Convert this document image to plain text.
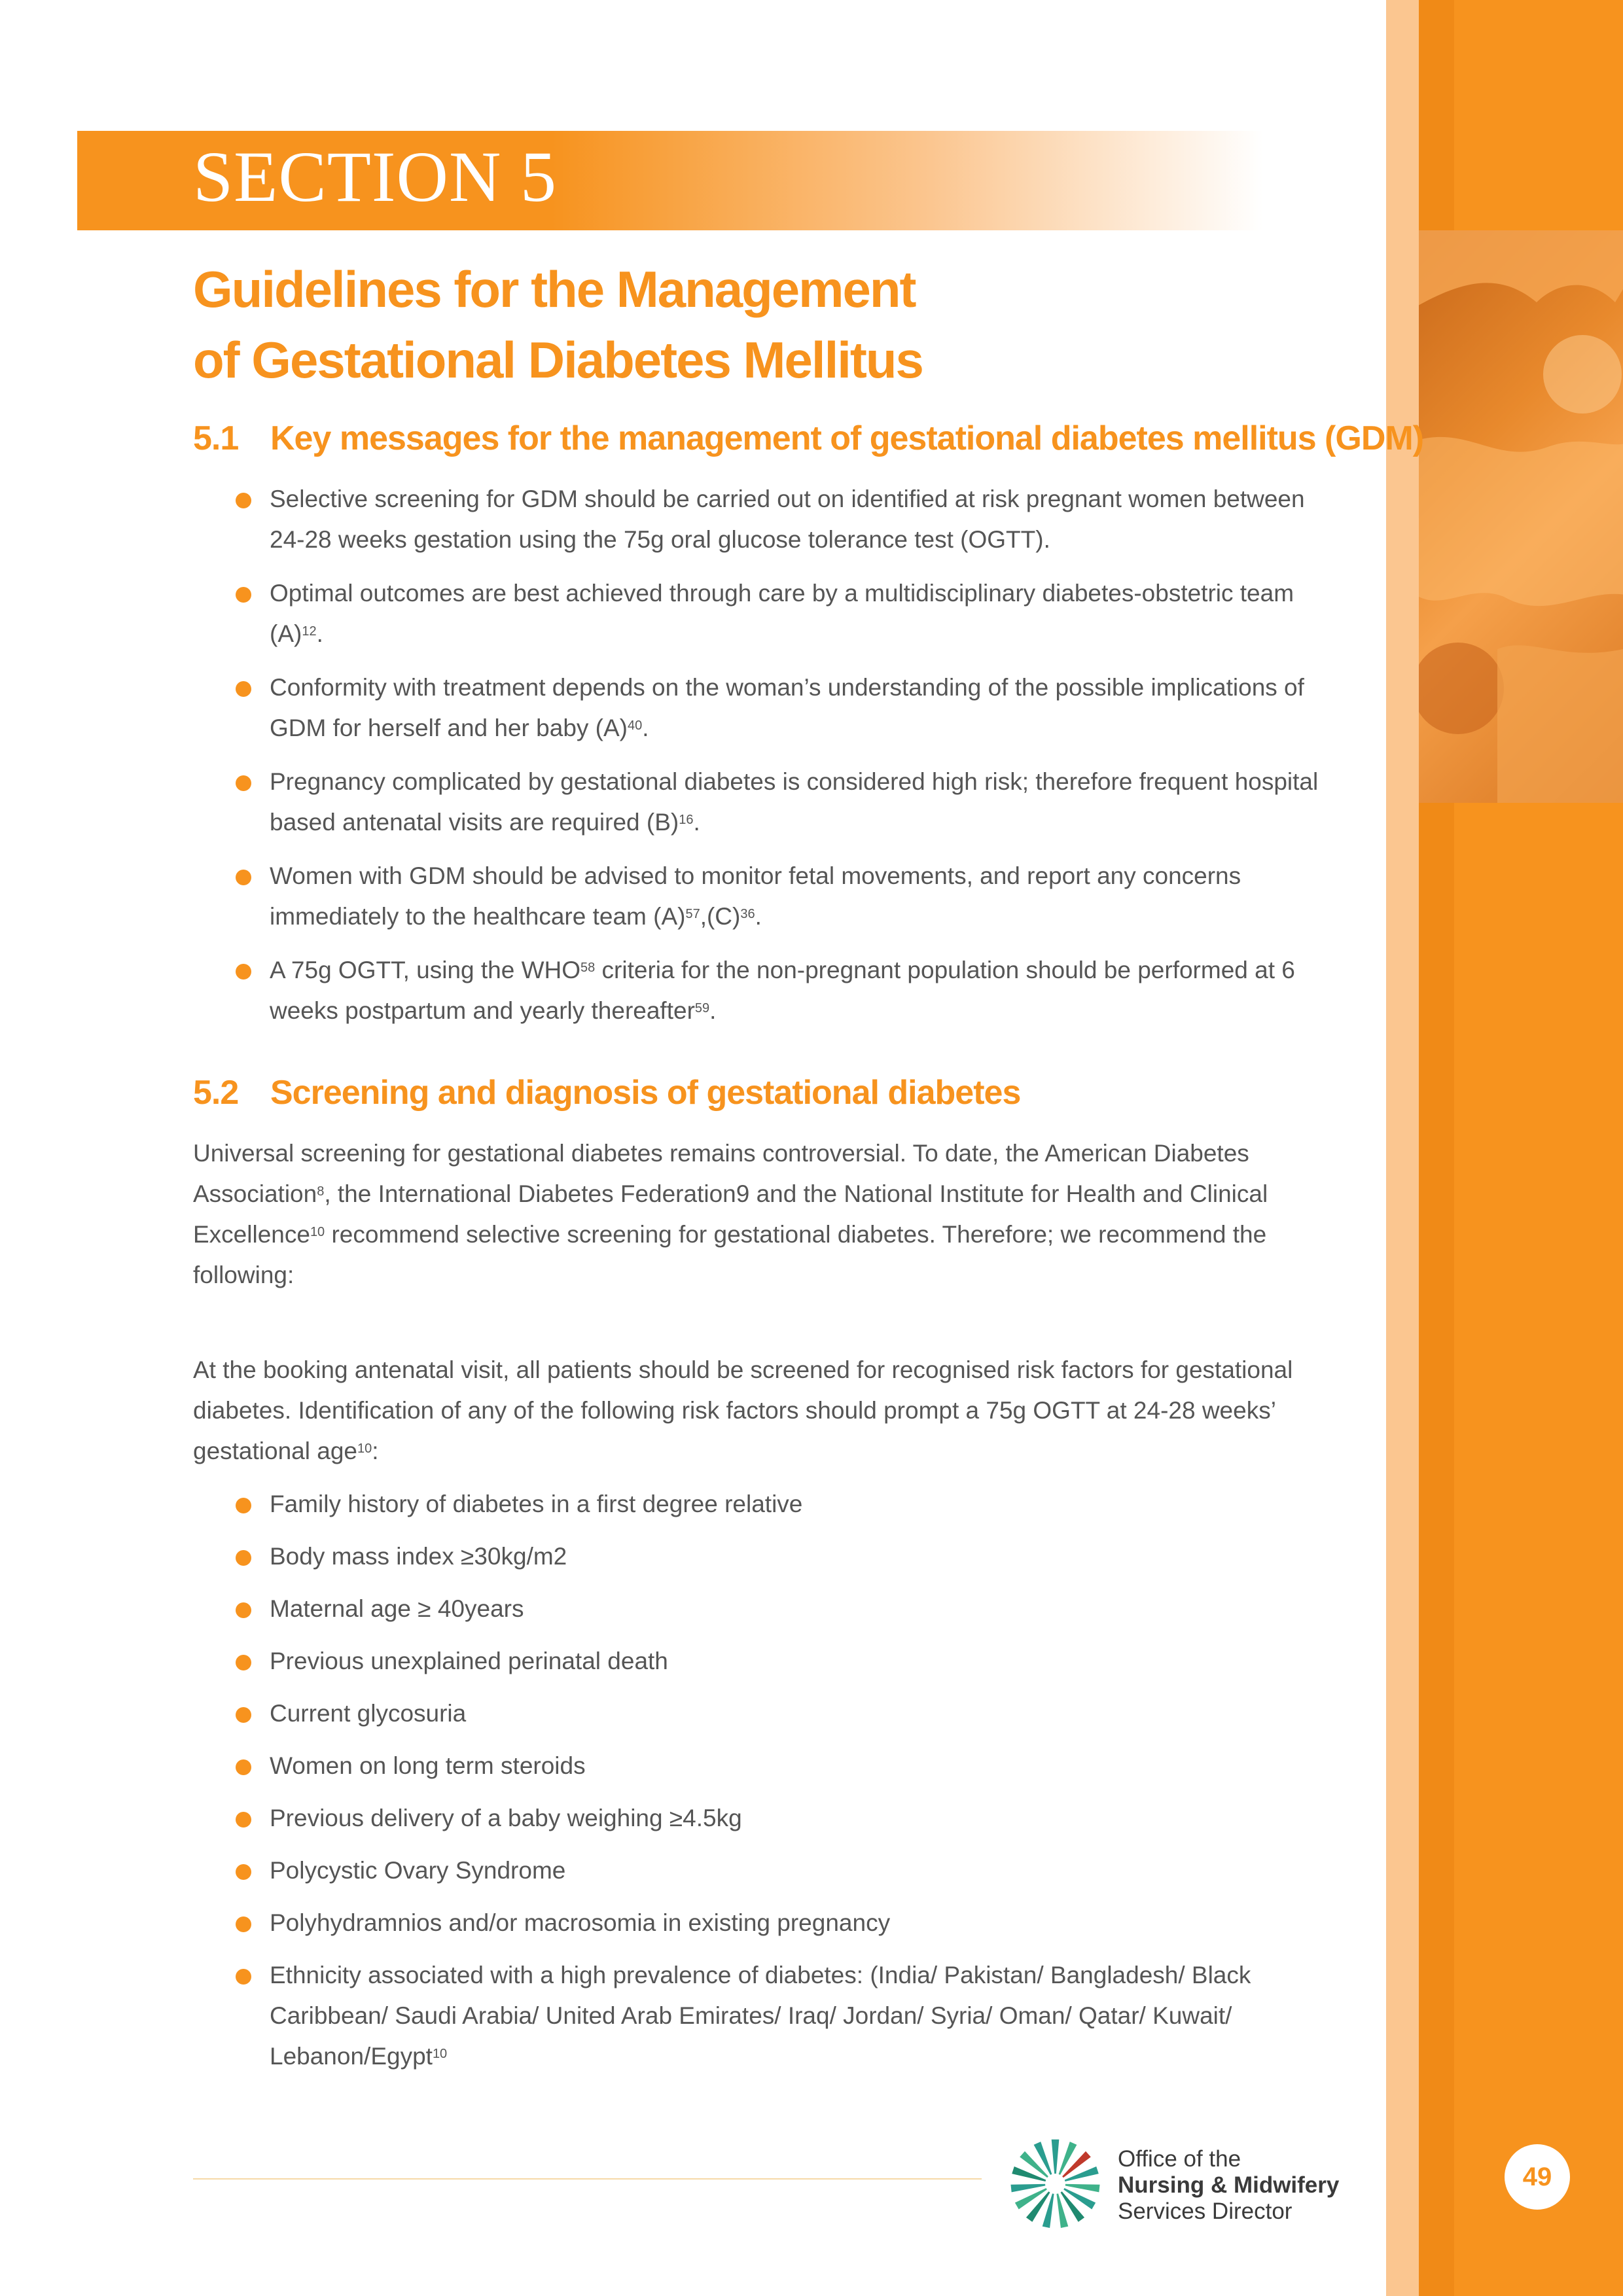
49
SECTION 5
Guidelines for the Management
of Gestational Diabetes Mellitus
5.1 Key messages for the management of gestational diabetes mellitus (GDM)
Selective screening for GDM should be carried out on identified at risk pregnant women between 24-28 weeks gestation using the 75g oral glucose tolerance test (OGTT).
Optimal outcomes are best achieved through care by a multidisciplinary diabetes-obstetric team $(A)^{12}$.
Conformity with treatment depends on the woman’s understanding of the possible implications of GDM for herself and her baby $(A)^{40}$.
Pregnancy complicated by gestational diabetes is considered high risk; therefore frequent hospital based antenatal visits are required $(B)^{16}$.
Women with GDM should be advised to monitor fetal movements, and report any concerns immediately to the healthcare team $(A)^{57},(C)^{36}$.
A 75g OGTT, using the WHO$^{58}$ criteria for the non-pregnant population should be performed at 6 weeks postpartum and yearly thereafter$^{59}$.
5.2 Screening and diagnosis of gestational diabetes

Universal screening for gestational diabetes remains controversial. To date, the American Diabetes Association$^8$, the International Diabetes Federation9 and the National Institute for Health and Clinical Excellence$^{10}$ recommend selective screening for gestational diabetes. Therefore; we recommend the following:

At the booking antenatal visit, all patients should be screened for recognised risk factors for gestational diabetes. Identification of any of the following risk factors should prompt a 75g OGTT at 24-28 weeks’ gestational age$^{10}$:

Family history of diabetes in a first degree relative
Body mass index ≥30kg/m2
Maternal age ≥ 40years
Previous unexplained perinatal death
Current glycosuria
Women on long term steroids
Previous delivery of a baby weighing ≥4.5kg
Polycystic Ovary Syndrome
Polyhydramnios and/or macrosomia in existing pregnancy
Ethnicity associated with a high prevalence of diabetes: (India/ Pakistan/ Bangladesh/ Black Caribbean/ Saudi Arabia/ United Arab Emirates/ Iraq/ Jordan/ Syria/ Oman/ Qatar/ Kuwait/ Lebanon/Egypt$^{10}$
Office of the
Nursing & Midwifery
Services Director
